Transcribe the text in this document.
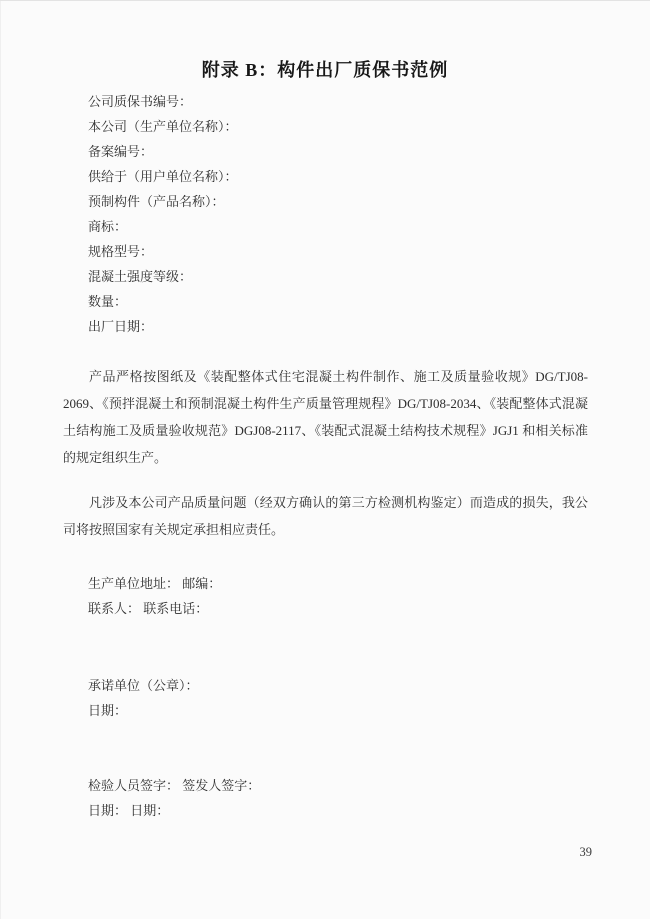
附录 B：构件出厂质保书范例

公司质保书编号：

本公司（生产单位名称）：

备案编号：

供给于（用户单位名称）：

预制构件（产品名称）：

商标：

规格型号：

混凝土强度等级：

数量：

出厂日期：

产品严格按图纸及《装配整体式住宅混凝土构件制作、施工及质量验收规》DG/TJ08-2069、《预拌混凝土和预制混凝土构件生产质量管理规程》DG/TJ08-2034、《装配整体式混凝土结构施工及质量验收规范》DGJ08-2117、《装配式混凝土结构技术规程》JGJ1 和相关标准的规定组织生产。

凡涉及本公司产品质量问题（经双方确认的第三方检测机构鉴定）而造成的损失，我公司将按照国家有关规定承担相应责任。

生产单位地址： 邮编：

联系人： 联系电话：

承诺单位（公章）：

日期：

检验人员签字： 签发人签字：

日期： 日期：

39
